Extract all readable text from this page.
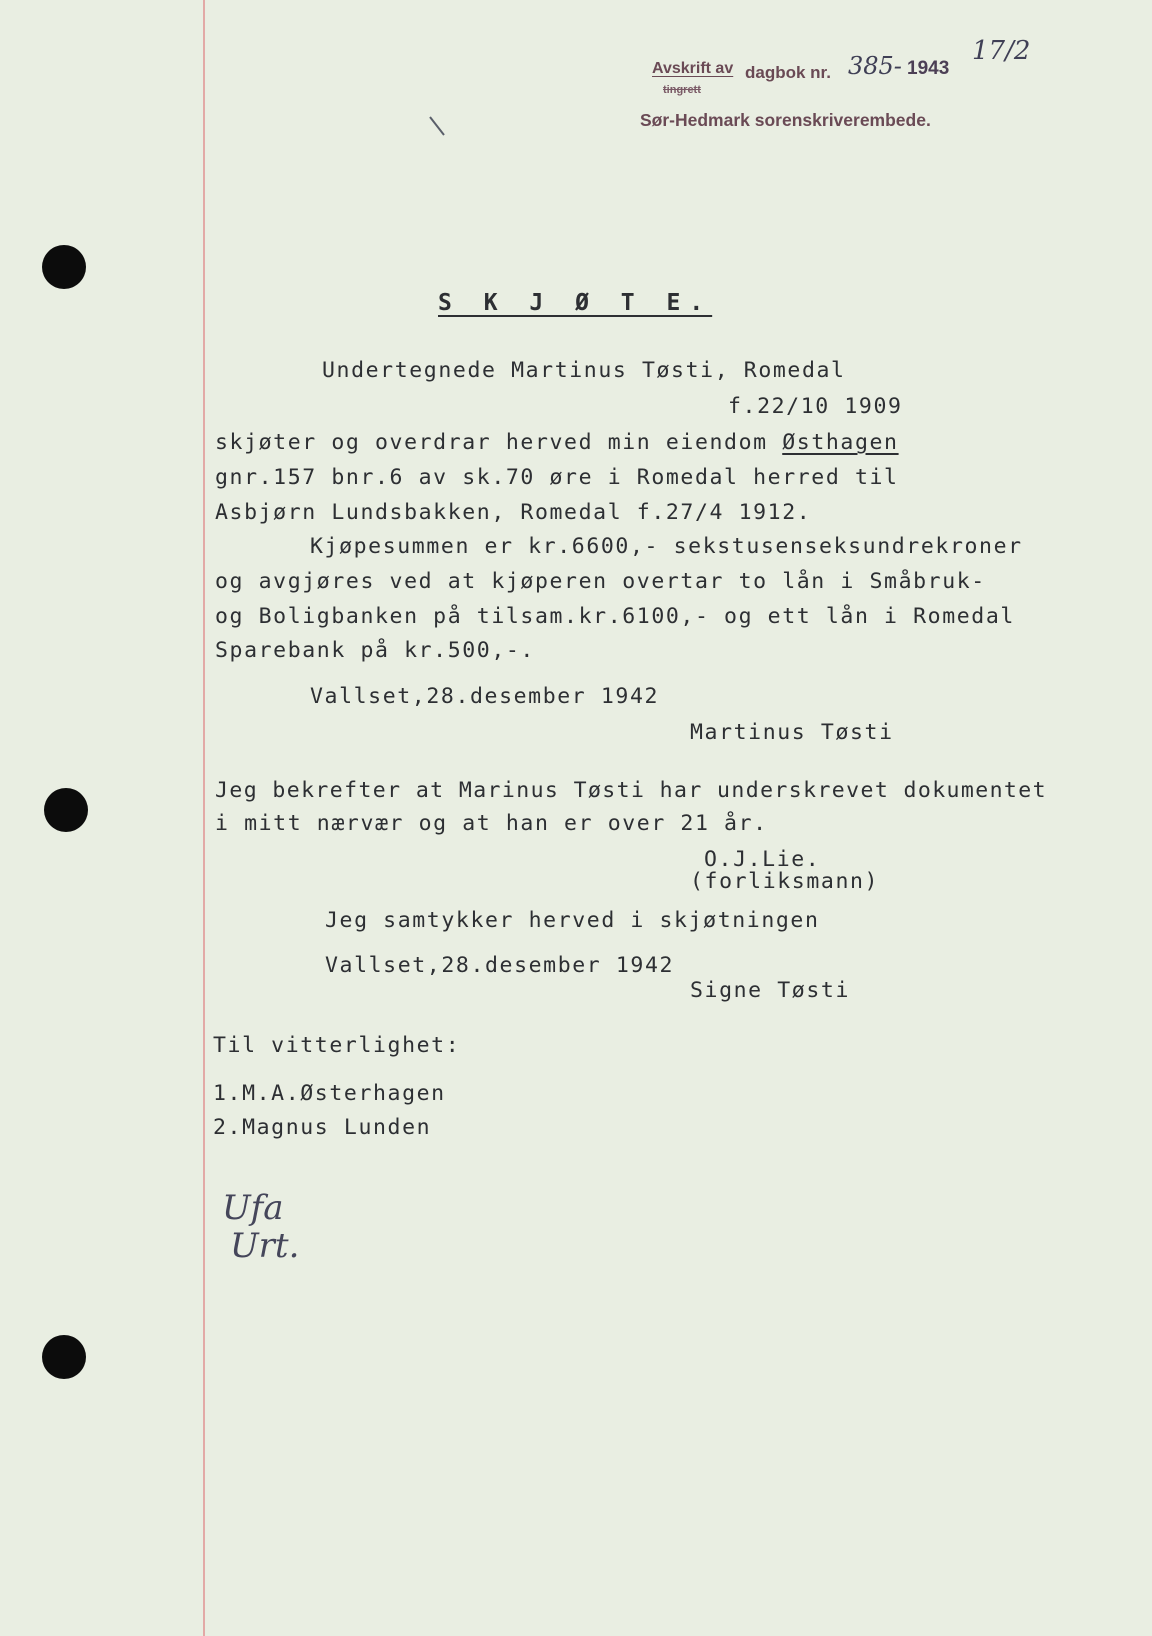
Avskrift av
tingrett
dagbok nr. 385- 1943
17/2
Sør-Hedmark sorenskriverembede.
S K J Ø T E.
Undertegnede Martinus Tøsti, Romedal
f.22/10 1909
skjøter og overdrar herved min eiendom Østhagen
gnr.157 bnr.6 av sk.70 øre i Romedal herred til
Asbjørn Lundsbakken, Romedal f.27/4 1912.
Kjøpesummen er kr.6600,- sekstusenseksundrekroner
og avgjøres ved at kjøperen overtar to lån i Småbruk-
og Boligbanken på tilsam.kr.6100,- og ett lån i Romedal
Sparebank på kr.500,-.
Vallset,28.desember 1942
Martinus Tøsti
Jeg bekrefter at Marinus Tøsti har underskrevet dokumentet
i mitt nærvær og at han er over 21 år.
O.J.Lie.
(forliksmann)
Jeg samtykker herved i skjøtningen
Vallset,28.desember 1942
Signe Tøsti
Til vitterlighet:
1.M.A.Østerhagen
2.Magnus Lunden
Ufa
Urt.
